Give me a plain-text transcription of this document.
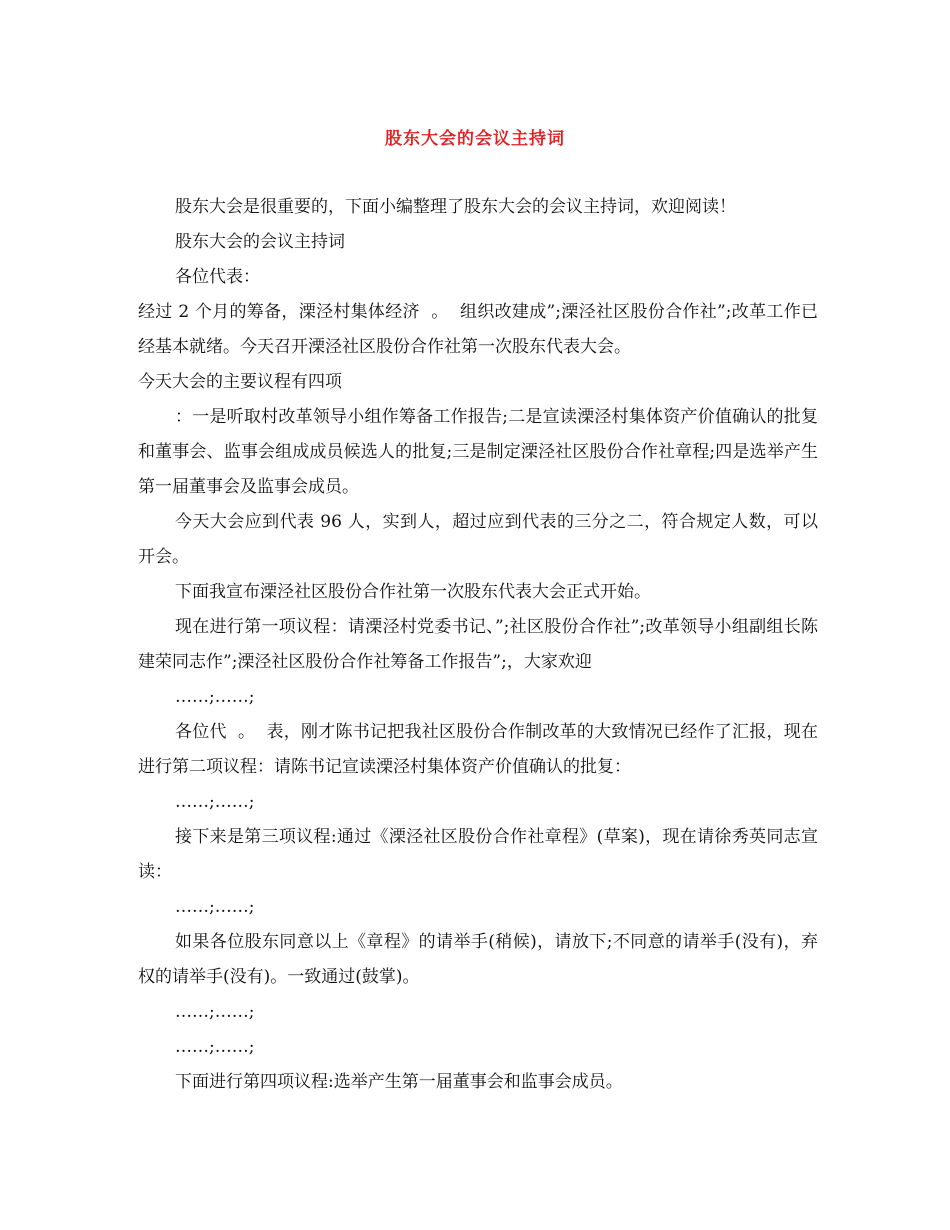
股东大会的会议主持词

股东大会是很重要的，下面小编整理了股东大会的会议主持词，欢迎阅读！

股东大会的会议主持词

各位代表：

经过 2 个月的筹备，溧泾村集体经济  。  组织改建成”;溧泾社区股份合作社”;改革工作已经基本就绪。今天召开溧泾社区股份合作社第一次股东代表大会。

今天大会的主要议程有四项

：一是听取村改革领导小组作筹备工作报告;二是宣读溧泾村集体资产价值确认的批复和董事会、监事会组成成员候选人的批复;三是制定溧泾社区股份合作社章程;四是选举产生第一届董事会及监事会成员。

今天大会应到代表 96 人，实到人，超过应到代表的三分之二，符合规定人数，可以开会。

下面我宣布溧泾社区股份合作社第一次股东代表大会正式开始。

现在进行第一项议程：请溧泾村党委书记、”;社区股份合作社”;改革领导小组副组长陈建荣同志作”;溧泾社区股份合作社筹备工作报告”;，大家欢迎

……;……;

各位代  。  表，刚才陈书记把我社区股份合作制改革的大致情况已经作了汇报，现在进行第二项议程：请陈书记宣读溧泾村集体资产价值确认的批复：

……;……;

接下来是第三项议程:通过《溧泾社区股份合作社章程》(草案)，现在请徐秀英同志宣读：

……;……;

如果各位股东同意以上《章程》的请举手(稍候)，请放下;不同意的请举手(没有)，弃权的请举手(没有)。一致通过(鼓掌)。

……;……;

……;……;

下面进行第四项议程:选举产生第一届董事会和监事会成员。
